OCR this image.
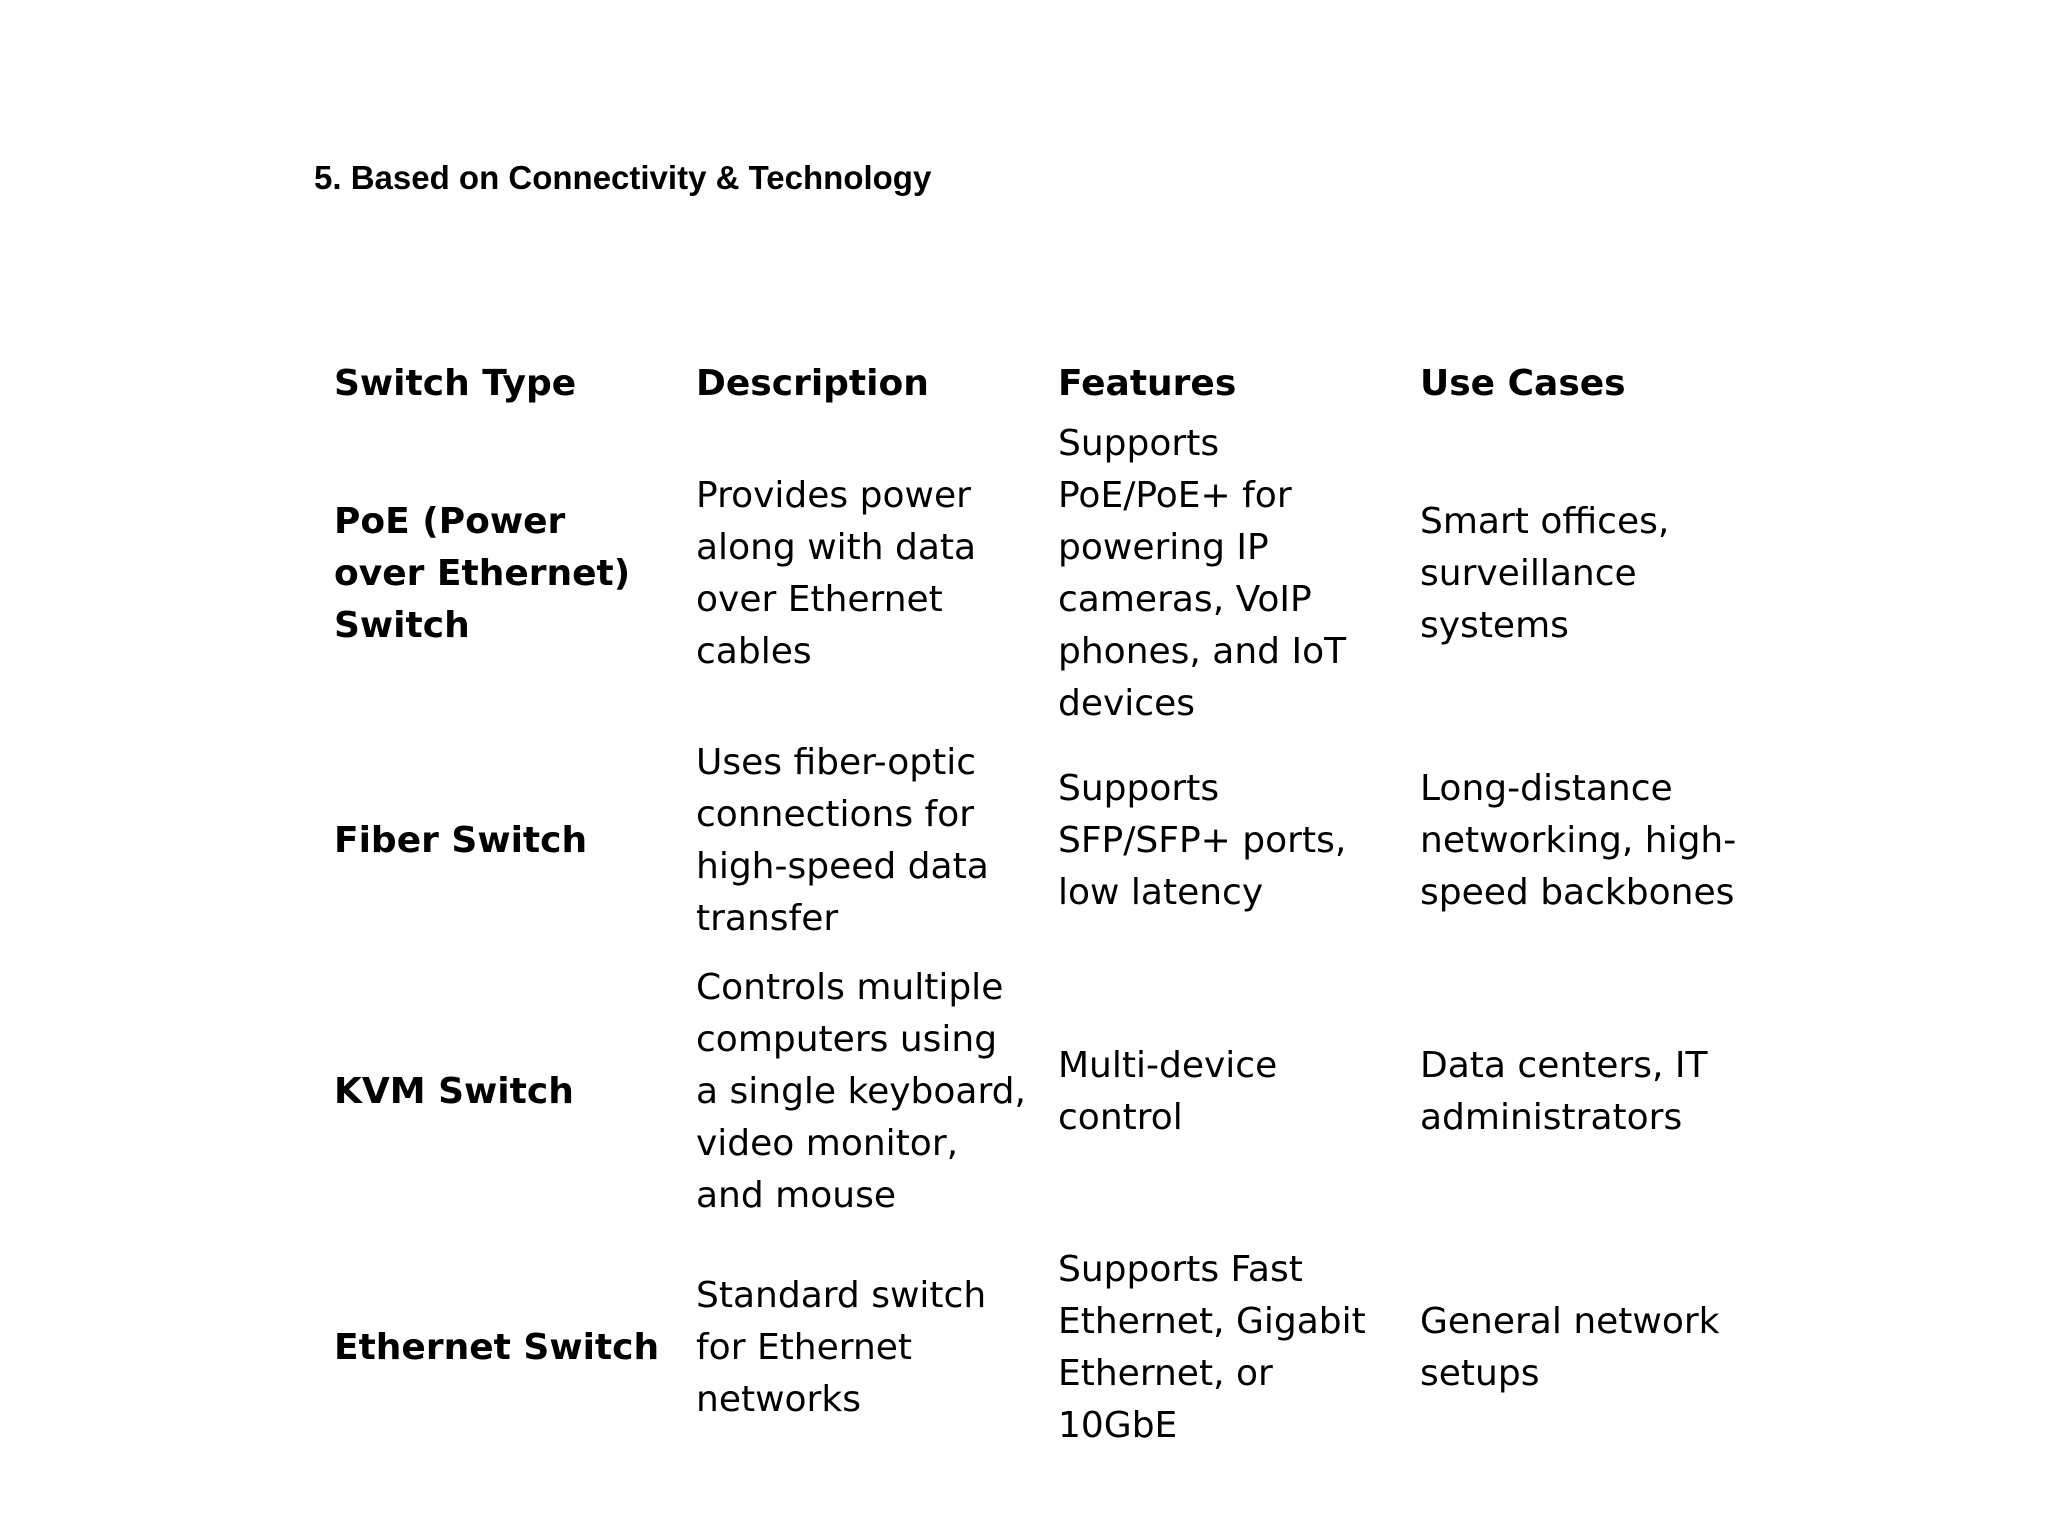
5. Based on Connectivity & Technology
Switch Type	Description	Features	Use Cases
PoE (Power over Ethernet) Switch	Provides power along with data over Ethernet cables	Supports PoE/PoE+ for powering IP cameras, VoIP phones, and IoT devices	Smart offices, surveillance systems
Fiber Switch	Uses fiber-optic connections for high-speed data transfer	Supports SFP/SFP+ ports, low latency	Long-distance networking, high-speed backbones
KVM Switch	Controls multiple computers using a single keyboard, video monitor, and mouse	Multi-device control	Data centers, IT administrators
Ethernet Switch	Standard switch for Ethernet networks	Supports Fast Ethernet, Gigabit Ethernet, or 10GbE	General network setups
